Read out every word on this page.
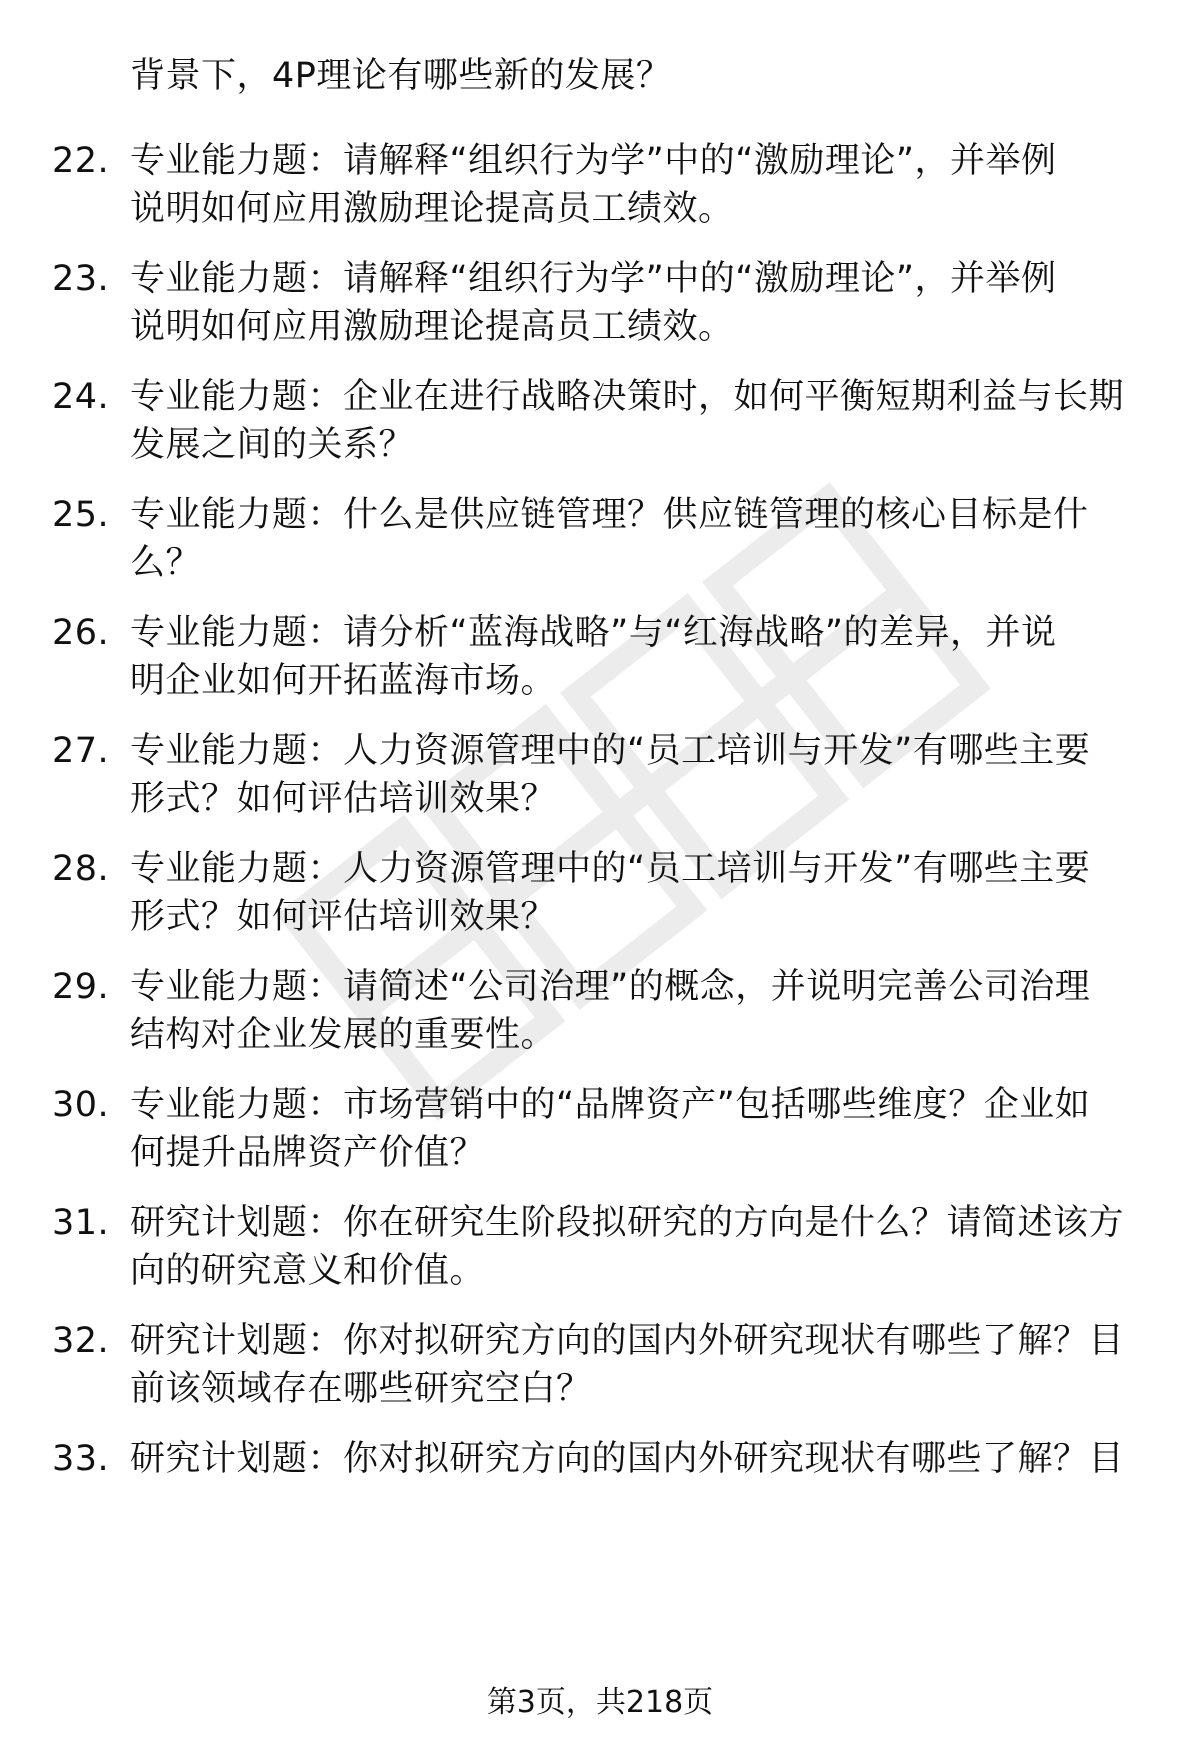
背景下，4P理论有哪些新的发展？
22. 专业能力题：请解释“组织行为学”中的“激励理论”，并举例
说明如何应用激励理论提高员工绩效。
23. 专业能力题：请解释“组织行为学”中的“激励理论”，并举例
说明如何应用激励理论提高员工绩效。
24. 专业能力题：企业在进行战略决策时，如何平衡短期利益与长期
发展之间的关系？
25. 专业能力题：什么是供应链管理？供应链管理的核心目标是什
么？
26. 专业能力题：请分析“蓝海战略”与“红海战略”的差异，并说
明企业如何开拓蓝海市场。
27. 专业能力题：人力资源管理中的“员工培训与开发”有哪些主要
形式？如何评估培训效果？
28. 专业能力题：人力资源管理中的“员工培训与开发”有哪些主要
形式？如何评估培训效果？
29. 专业能力题：请简述“公司治理”的概念，并说明完善公司治理
结构对企业发展的重要性。
30. 专业能力题：市场营销中的“品牌资产”包括哪些维度？企业如
何提升品牌资产价值？
31. 研究计划题：你在研究生阶段拟研究的方向是什么？请简述该方
向的研究意义和价值。
32. 研究计划题：你对拟研究方向的国内外研究现状有哪些了解？目
前该领域存在哪些研究空白？
33. 研究计划题：你对拟研究方向的国内外研究现状有哪些了解？目
第3页，共218页
